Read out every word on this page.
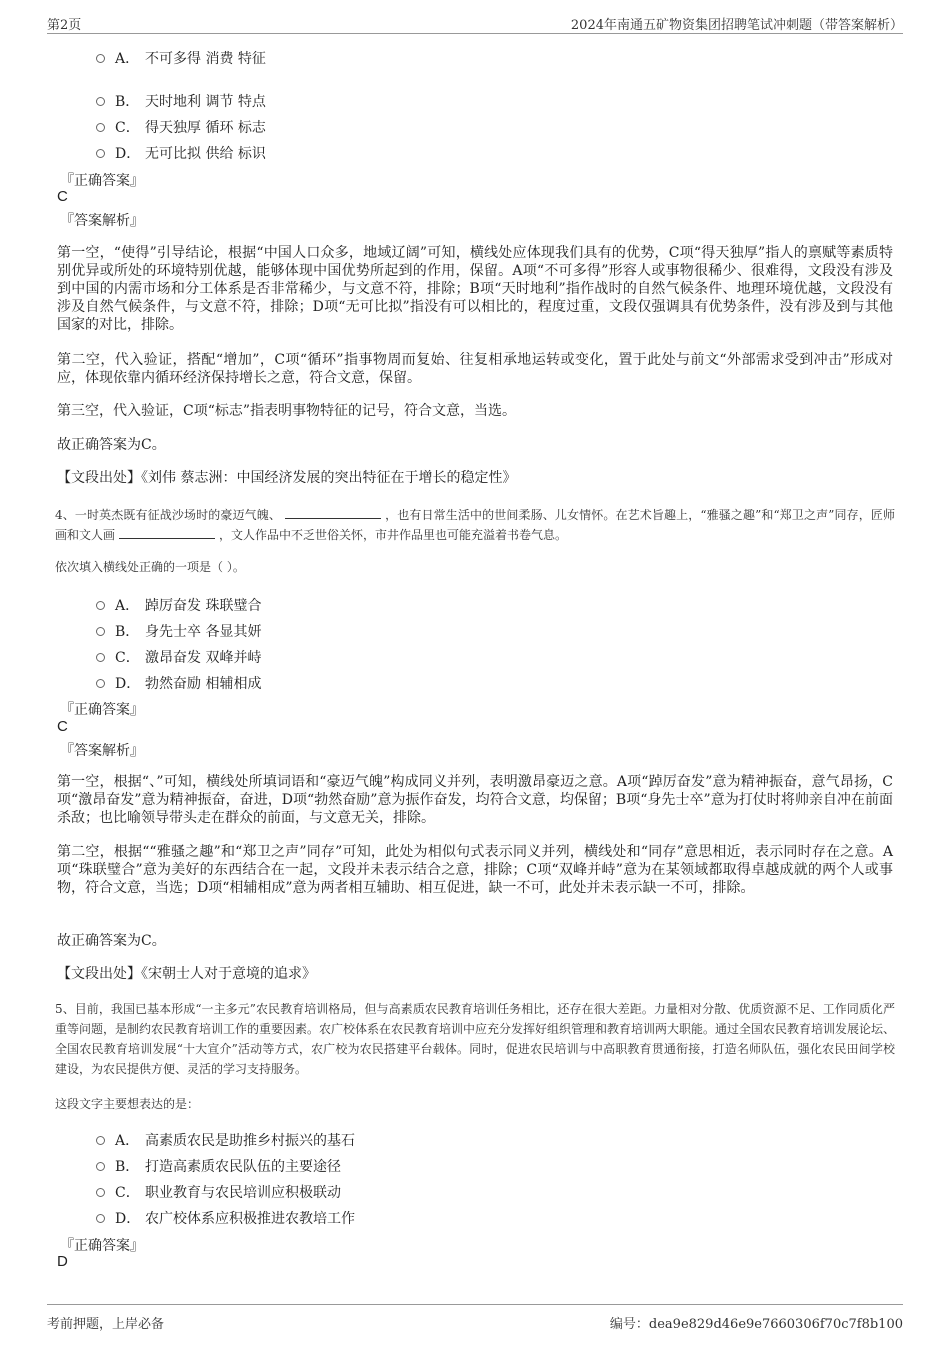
第2页	2024年南通五矿物资集团招聘笔试冲刺题（带答案解析）
A． 不可多得 消费 特征
B． 天时地利 调节 特点
C． 得天独厚 循环 标志
D． 无可比拟 供给 标识
『正确答案』
C
『答案解析』
第一空，“使得”引导结论，根据“中国人口众多，地域辽阔”可知，横线处应体现我们具有的优势，C项“得天独厚”指人的禀赋等素质特别优异或所处的环境特别优越，能够体现中国优势所起到的作用，保留。A项“不可多得”形容人或事物很稀少、很难得，文段没有涉及到中国的内需市场和分工体系是否非常稀少，与文意不符，排除；B项“天时地利”指作战时的自然气候条件、地理环境优越，文段没有涉及自然气候条件，与文意不符，排除；D项“无可比拟”指没有可以相比的，程度过重，文段仅强调具有优势条件，没有涉及到与其他国家的对比，排除。
第二空，代入验证，搭配“增加”，C项“循环”指事物周而复始、往复相承地运转或变化，置于此处与前文“外部需求受到冲击”形成对应，体现依靠内循环经济保持增长之意，符合文意，保留。
第三空，代入验证，C项“标志”指表明事物特征的记号，符合文意，当选。
故正确答案为C。
【文段出处】《刘伟 蔡志洲：中国经济发展的突出特征在于增长的稳定性》
4、一时英杰既有征战沙场时的豪迈气魄、	，也有日常生活中的世间柔肠、儿女情怀。在艺术旨趣上，“雅骚之趣”和“郑卫之声”同存，匠师画和文人画	，文人作品中不乏世俗关怀，市井作品里也可能充溢着书卷气息。
依次填入横线处正确的一项是（ ）。
A． 踔厉奋发 珠联璧合
B． 身先士卒 各显其妍
C． 激昂奋发 双峰并峙
D． 勃然奋励 相辅相成
『正确答案』
C
『答案解析』
第一空，根据“、”可知，横线处所填词语和“豪迈气魄”构成同义并列，表明激昂豪迈之意。A项“踔厉奋发”意为精神振奋，意气昂扬，C项“激昂奋发”意为精神振奋，奋进，D项“勃然奋励”意为振作奋发，均符合文意，均保留；B项“身先士卒”意为打仗时将帅亲自冲在前面杀敌；也比喻领导带头走在群众的前面，与文意无关，排除。
第二空，根据““雅骚之趣”和“郑卫之声”同存”可知，此处为相似句式表示同义并列，横线处和“同存”意思相近，表示同时存在之意。A项“珠联璧合”意为美好的东西结合在一起，文段并未表示结合之意，排除；C项“双峰并峙”意为在某领域都取得卓越成就的两个人或事物，符合文意，当选；D项“相辅相成”意为两者相互辅助、相互促进，缺一不可，此处并未表示缺一不可，排除。
故正确答案为C。
【文段出处】《宋朝士人对于意境的追求》
5、目前，我国已基本形成“一主多元”农民教育培训格局，但与高素质农民教育培训任务相比，还存在很大差距。力量相对分散、优质资源不足、工作同质化严重等问题，是制约农民教育培训工作的重要因素。农广校体系在农民教育培训中应充分发挥好组织管理和教育培训两大职能。通过全国农民教育培训发展论坛、全国农民教育培训发展“十大宣介”活动等方式，农广校为农民搭建平台载体。同时，促进农民培训与中高职教育贯通衔接，打造名师队伍，强化农民田间学校建设，为农民提供方便、灵活的学习支持服务。
这段文字主要想表达的是：
A． 高素质农民是助推乡村振兴的基石
B． 打造高素质农民队伍的主要途径
C． 职业教育与农民培训应积极联动
D． 农广校体系应积极推进农教培工作
『正确答案』
D
考前押题，上岸必备	编号：dea9e829d46e9e7660306f70c7f8b100
